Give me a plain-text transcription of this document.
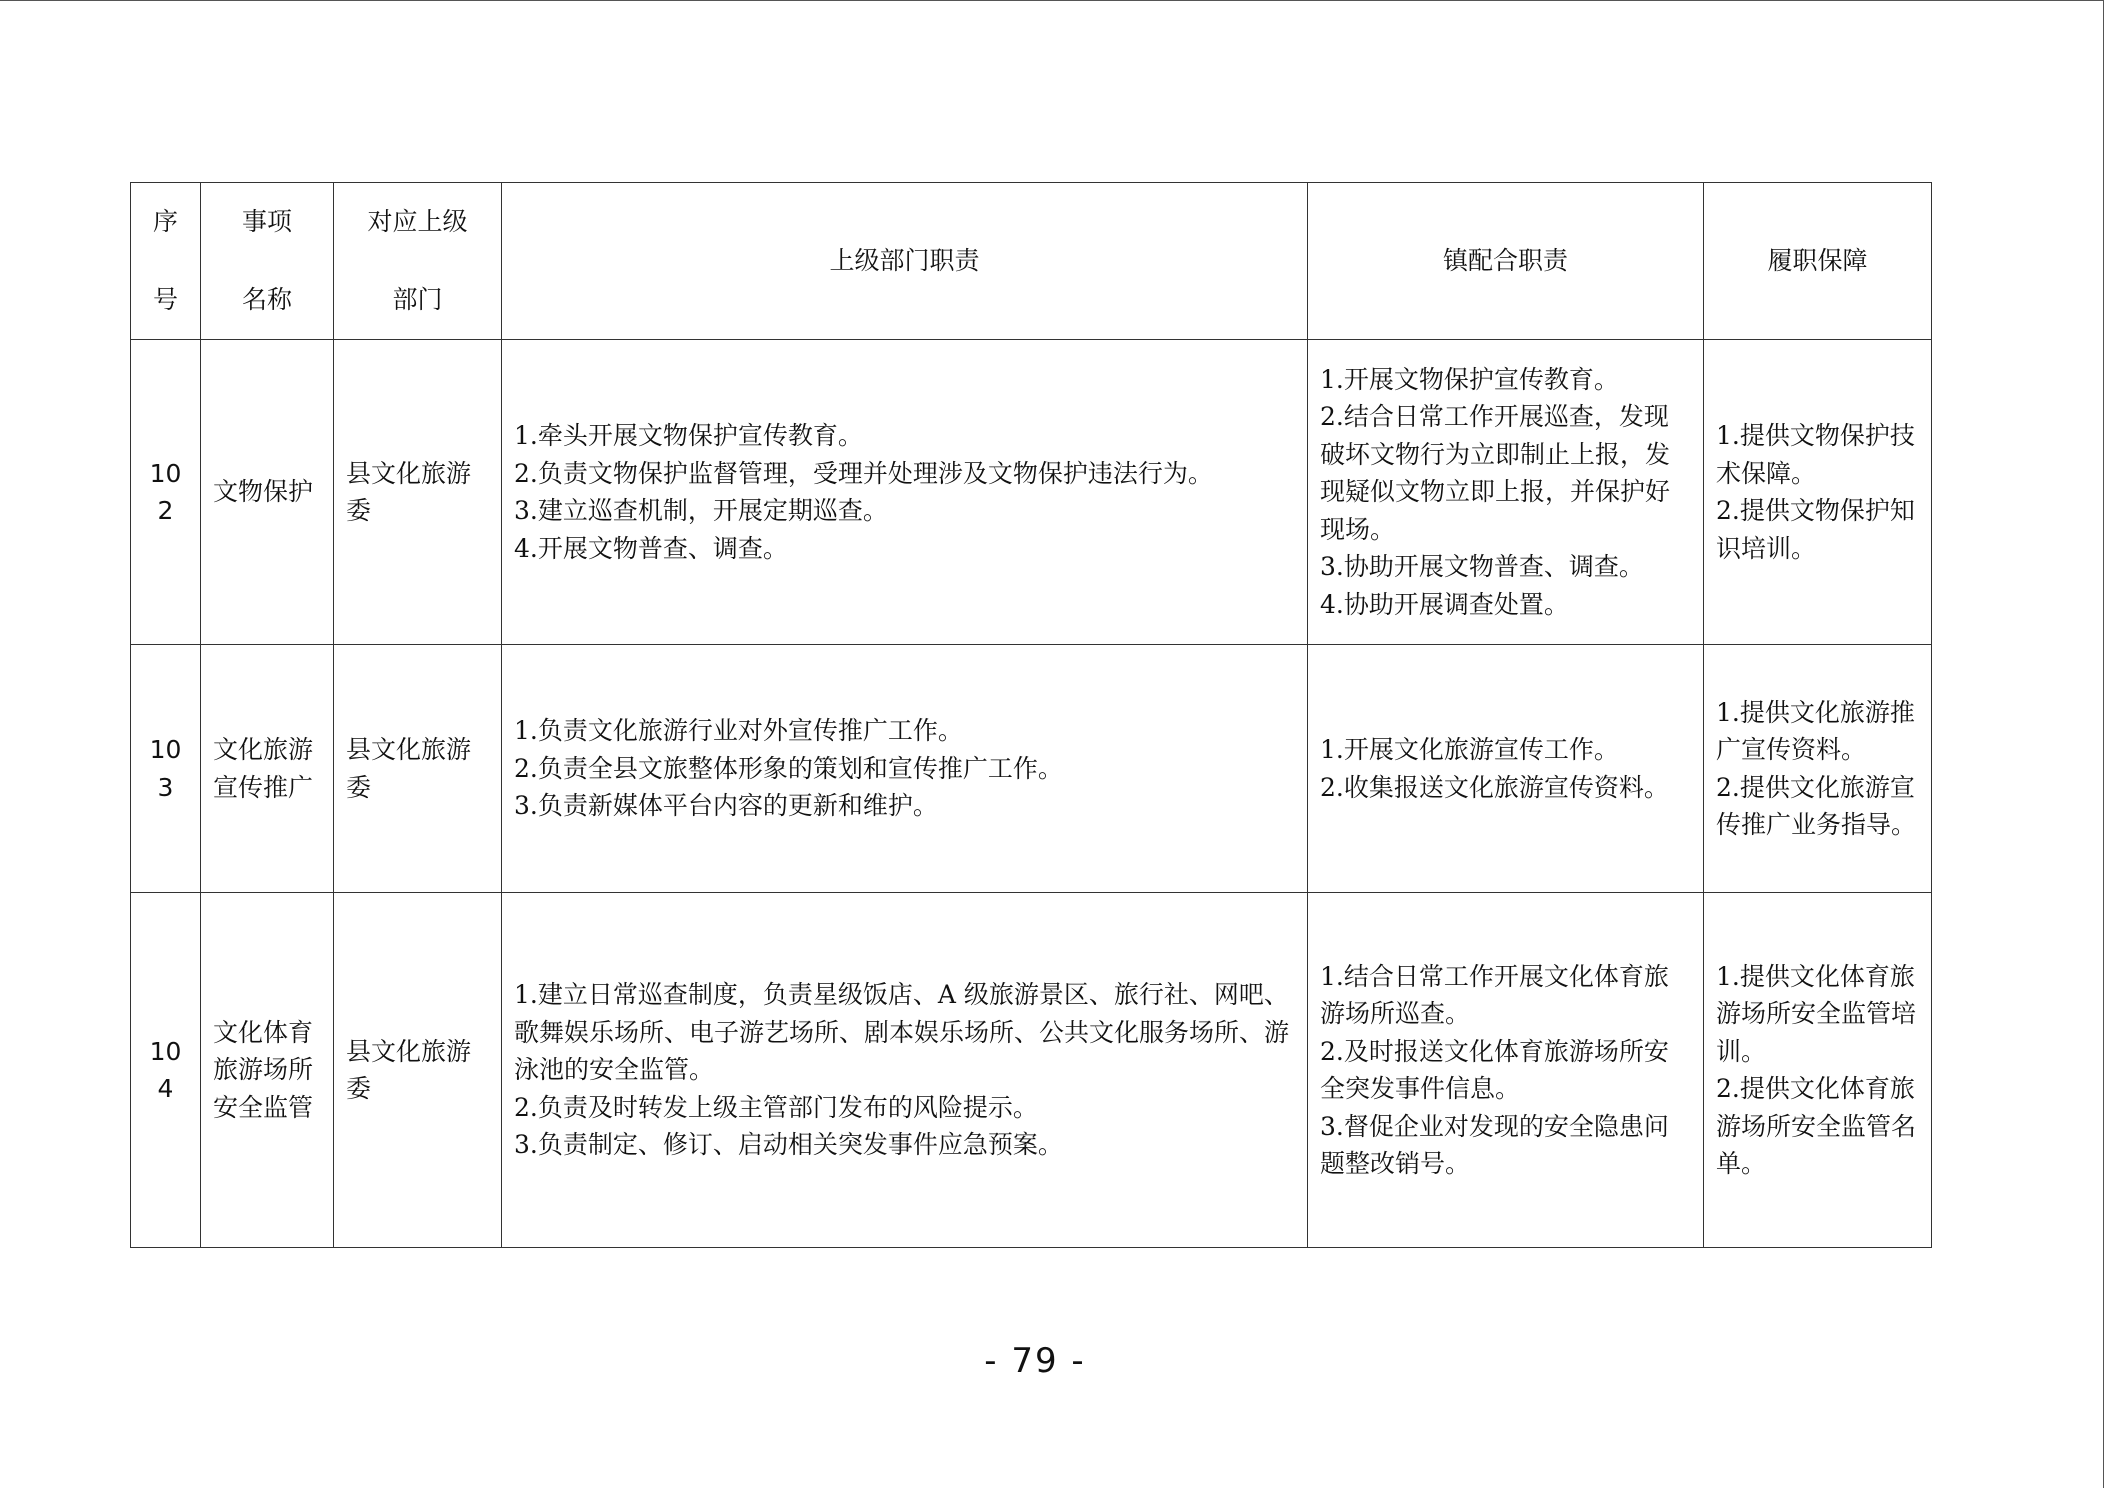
序
号	事项
名称	对应上级
部门	上级部门职责	镇配合职责	履职保障
102	文物保护	县文化旅游委	1.牵头开展文物保护宣传教育。
2.负责文物保护监督管理，受理并处理涉及文物保护违法行为。
3.建立巡查机制，开展定期巡查。
4.开展文物普查、调查。	1.开展文物保护宣传教育。
2.结合日常工作开展巡查，发现破坏文物行为立即制止上报，发现疑似文物立即上报，并保护好现场。
3.协助开展文物普查、调查。
4.协助开展调查处置。	1.提供文物保护技术保障。
2.提供文物保护知识培训。

103	文化旅游宣传推广	县文化旅游委	1.负责文化旅游行业对外宣传推广工作。
2.负责全县文旅整体形象的策划和宣传推广工作。
3.负责新媒体平台内容的更新和维护。	1.开展文化旅游宣传工作。
2.收集报送文化旅游宣传资料。	1.提供文化旅游推广宣传资料。
2.提供文化旅游宣传推广业务指导。

104	文化体育旅游场所安全监管	县文化旅游委	1.建立日常巡查制度，负责星级饭店、A 级旅游景区、旅行社、网吧、歌舞娱乐场所、电子游艺场所、剧本娱乐场所、公共文化服务场所、游泳池的安全监管。
2.负责及时转发上级主管部门发布的风险提示。
3.负责制定、修订、启动相关突发事件应急预案。	1.结合日常工作开展文化体育旅游场所巡查。
2.及时报送文化体育旅游场所安全突发事件信息。
3.督促企业对发现的安全隐患问题整改销号。	1.提供文化体育旅游场所安全监管培训。
2.提供文化体育旅游场所安全监管名单。
- 79 -
